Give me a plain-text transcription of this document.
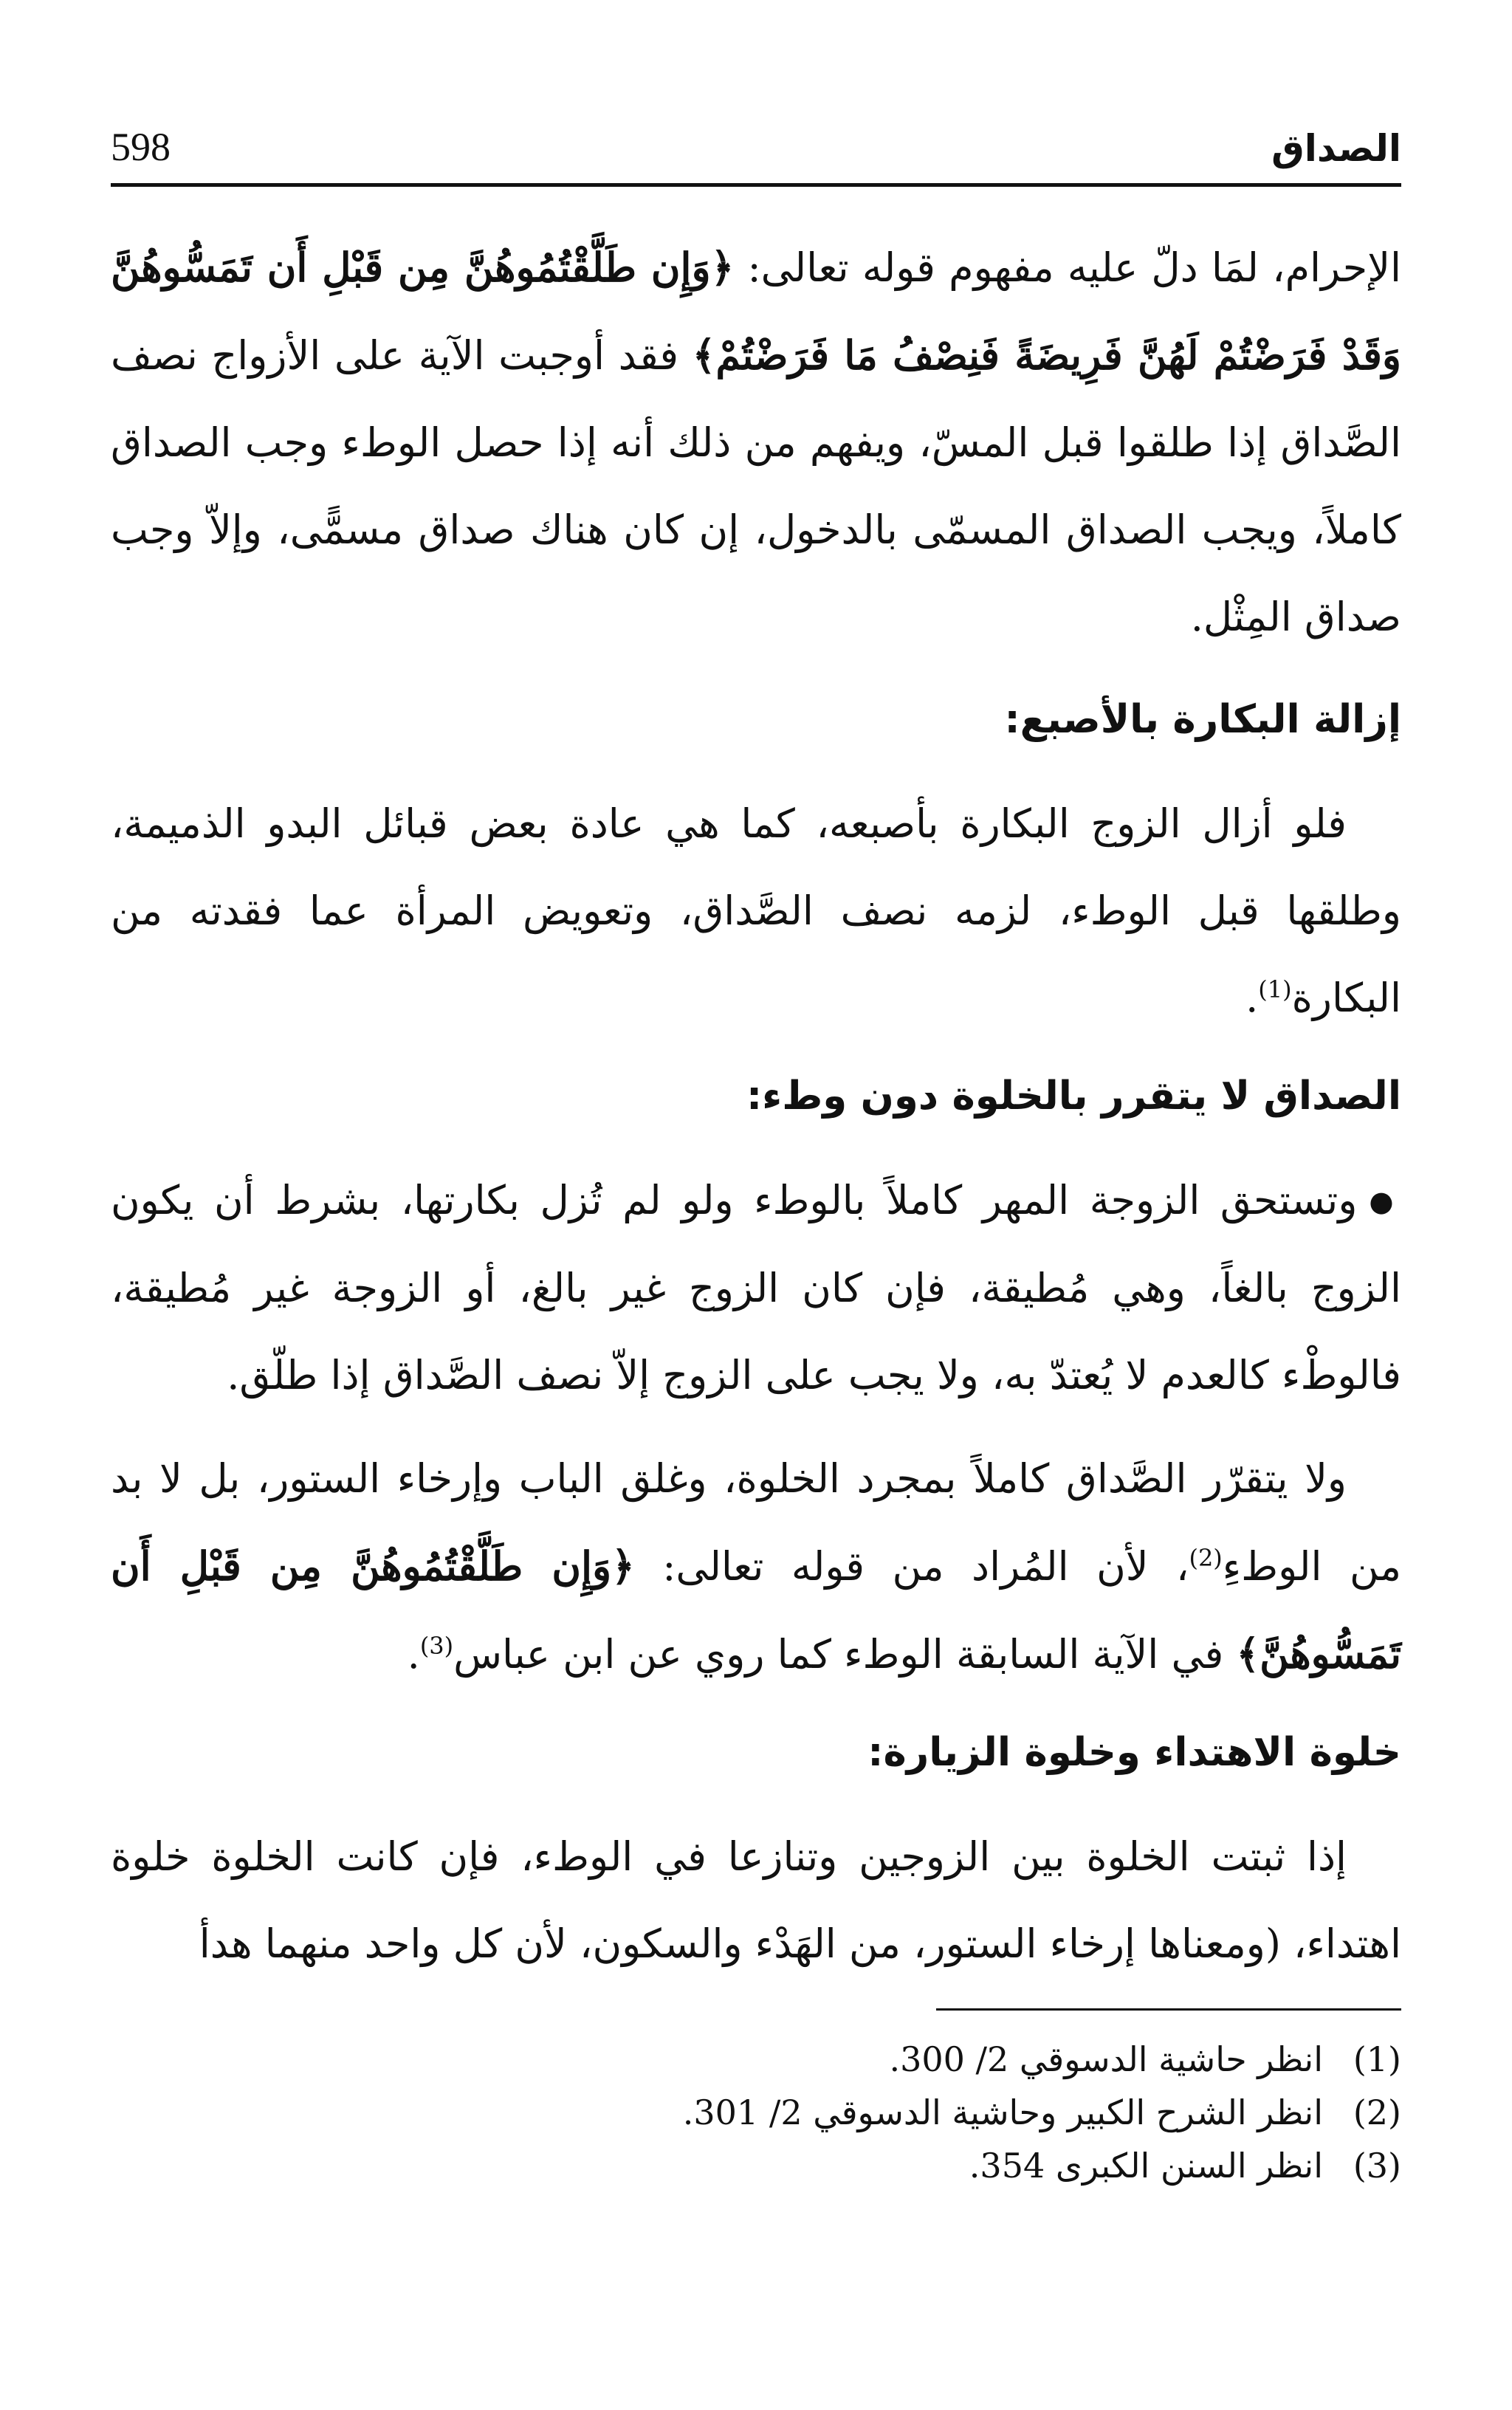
الصداق
598

الإحرام، لمَا دلّ عليه مفهوم قوله تعالى: ﴿وَإِن طَلَّقْتُمُوهُنَّ مِن قَبْلِ أَن تَمَسُّوهُنَّ وَقَدْ فَرَضْتُمْ لَهُنَّ فَرِيضَةً فَنِصْفُ مَا فَرَضْتُمْ﴾ فقد أوجبت الآية على الأزواج نصف الصَّداق إذا طلقوا قبل المسّ، ويفهم من ذلك أنه إذا حصل الوطء وجب الصداق كاملاً، ويجب الصداق المسمّى بالدخول، إن كان هناك صداق مسمًّى، وإلاّ وجب صداق المِثْل.

إزالة البكارة بالأصبع:

فلو أزال الزوج البكارة بأصبعه، كما هي عادة بعض قبائل البدو الذميمة، وطلقها قبل الوطء، لزمه نصف الصَّداق، وتعويض المرأة عما فقدته من البكارة$^{(1)}$.

الصداق لا يتقرر بالخلوة دون وطء:

●وتستحق الزوجة المهر كاملاً بالوطء ولو لم تُزل بكارتها، بشرط أن يكون الزوج بالغاً، وهي مُطيقة، فإن كان الزوج غير بالغ، أو الزوجة غير مُطيقة، فالوطْء كالعدم لا يُعتدّ به، ولا يجب على الزوج إلاّ نصف الصَّداق إذا طلّق.

ولا يتقرّر الصَّداق كاملاً بمجرد الخلوة، وغلق الباب وإرخاء الستور، بل لا بد من الوطءِ$^{(2)}$، لأن المُراد من قوله تعالى: ﴿وَإِن طَلَّقْتُمُوهُنَّ مِن قَبْلِ أَن تَمَسُّوهُنَّ﴾ في الآية السابقة الوطء كما روي عن ابن عباس$^{(3)}$.

خلوة الاهتداء وخلوة الزيارة:

إذا ثبتت الخلوة بين الزوجين وتنازعا في الوطء، فإن كانت الخلوة خلوة اهتداء، (ومعناها إرخاء الستور، من الهَدْء والسكون، لأن كل واحد منهما هدأ

(1)
انظر حاشية الدسوقي 2/ 300.
(2)
انظر الشرح الكبير وحاشية الدسوقي 2/ 301.
(3)
انظر السنن الكبرى 354.
